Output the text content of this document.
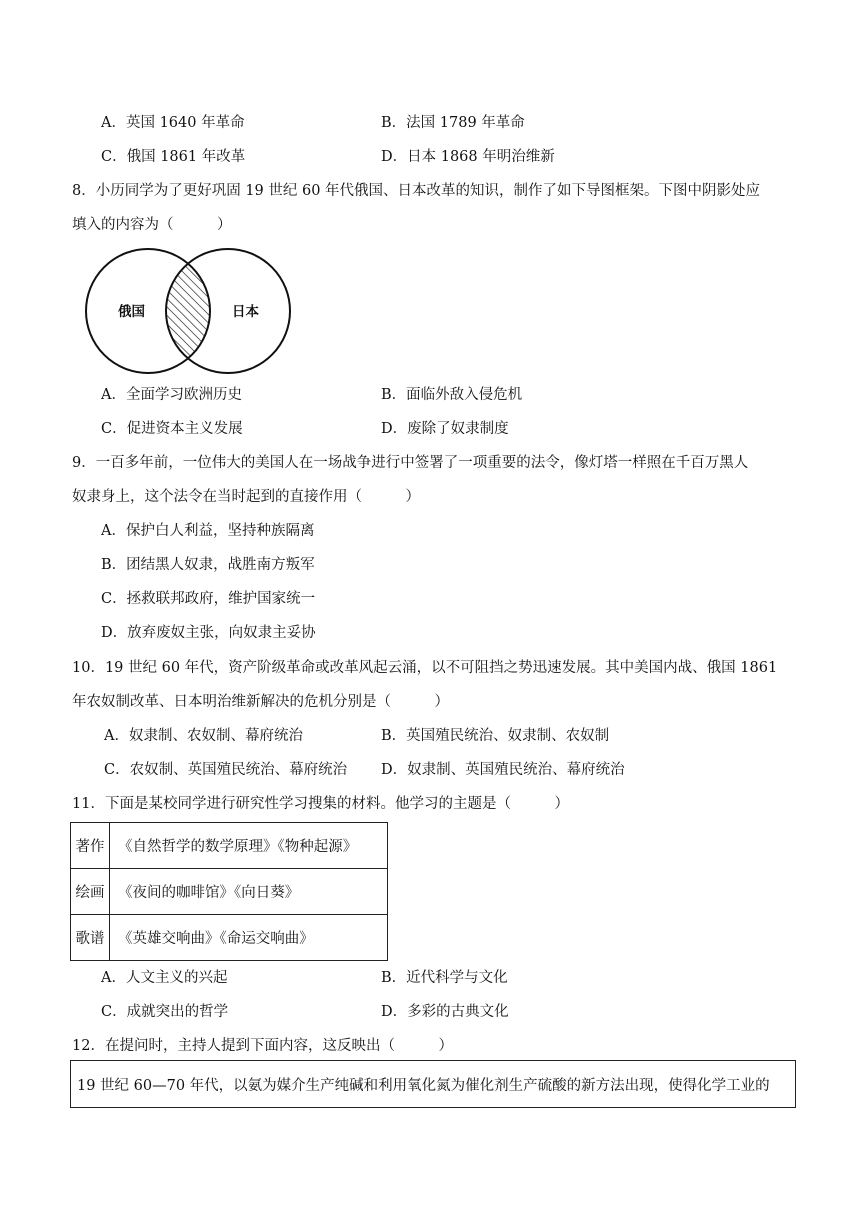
A．英国 1640 年革命	B．法国 1789 年革命
C．俄国 1861 年改革	D．日本 1868 年明治维新
8．小历同学为了更好巩固 19 世纪 60 年代俄国、日本改革的知识，制作了如下导图框架。下图中阴影处应
填入的内容为（　　　）
俄国	日本
A．全面学习欧洲历史	B．面临外敌入侵危机
C．促进资本主义发展	D．废除了奴隶制度
9．一百多年前，一位伟大的美国人在一场战争进行中签署了一项重要的法令，像灯塔一样照在千百万黑人
奴隶身上，这个法令在当时起到的直接作用（　　　）
A．保护白人利益，坚持种族隔离
B．团结黑人奴隶，战胜南方叛军
C．拯救联邦政府，维护国家统一
D．放弃废奴主张，向奴隶主妥协
10．19 世纪 60 年代，资产阶级革命或改革风起云涌，以不可阻挡之势迅速发展。其中美国内战、俄国 1861
年农奴制改革、日本明治维新解决的危机分别是（　　　）
A．奴隶制、农奴制、幕府统治	B．英国殖民统治、奴隶制、农奴制
C．农奴制、英国殖民统治、幕府统治 D．奴隶制、英国殖民统治、幕府统治
11．下面是某校同学进行研究性学习搜集的材料。他学习的主题是（　　　）
著作	《自然哲学的数学原理》《物种起源》
绘画	《夜间的咖啡馆》《向日葵》
歌谱	《英雄交响曲》《命运交响曲》
A．人文主义的兴起	B．近代科学与文化
C．成就突出的哲学	D．多彩的古典文化
12．在提问时，主持人提到下面内容，这反映出（　　　）
19 世纪 60—70 年代，以氨为媒介生产纯碱和利用氧化氮为催化剂生产硫酸的新方法出现，使得化学工业的
